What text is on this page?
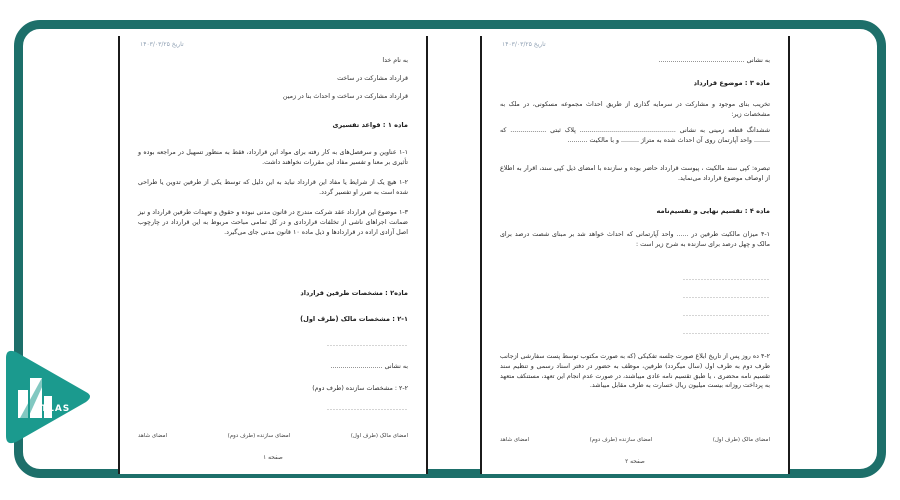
۱۴۰۳/۰۳/۲۵ تاریخ
به نام خدا
قرارداد مشارکت در ساخت
قرارداد مشارکت در ساخت و احداث بنا در زمین
ماده ۱ : قواعد تفسیری
۱-۱ عناوین و سرفصل‌های به کار رفته برای مواد این قرارداد، فقط به منظور تسهیل در مراجعه بوده و تأثیری بر معنا و تفسیر مفاد این مقررات نخواهند داشت.
۱-۲ هیچ یک از شرایط یا مفاد این قرارداد نباید به این دلیل که توسط یکی از طرفین تدوین یا طراحی شده است به ضرر او تفسیر گردد.
۱-۳ موضوع این قرارداد عقد شرکت مندرج در قانون مدنی نبوده و حقوق و تعهدات طرفین قرارداد و نیز ضمانت اجراهای ناشی از تخلفات قراردادی و در کل تمامی مباحث مربوط به این قرارداد در چارچوب اصل آزادی اراده در قراردادها و ذیل ماده ۱۰ قانون مدنی جای می‌گیرد.
ماده۲ : مشخصات طرفین قرارداد
۲-۱ : مشخصات مالک (طرف اول)
...........................
به نشانی ..........................
۲-۲ : مشخصات سازنده (طرف دوم)
...........................
امضای مالک (طرف اول)
امضای سازنده (طرف دوم)
امضای شاهد
صفحه ۱
۱۴۰۳/۰۳/۲۵ تاریخ
به نشانی ...........................................
ماده ۳ : موضوع قرارداد
تخریب بنای موجود و مشارکت در سرمایه گذاری از طریق احداث مجموعه مسکونی، در ملک به مشخصات زیر:
ششدانگ قطعه زمینی به نشانی ................................................ پلاک ثبتی .................. که ........ واحد آپارتمان روی آن احداث شده به متراژ ......... و با مالکیت ..........
تبصره: کپی سند مالکیت ، پیوست قرارداد حاضر بوده و سازنده با امضای ذیل کپی سند، اقرار به اطلاع از اوصاف موضوع قرارداد می‌نماید.
ماده ۴ : تقسیم نهایی و تقسیم‌نامه
۴-۱ میزان مالکیت طرفین در ...... واحد آپارتمانی که احداث خواهد شد بر مبنای شصت درصد برای مالک و چهل درصد برای سازنده به شرح زیر است :
.............................
.............................
.............................
.............................
۴-۲ ده روز پس از تاریخ ابلاغ صورت جلسه تفکیکی (که به صورت مکتوب توسط پست سفارشی ازجانب طرف دوم به طرف اول (سال میگردد) طرفین، موظف به حضور در دفتر اسناد رسمی و تنظیم سند تقسیم نامه محضری ، یا طبق تقسیم نامه عادی میباشند، در صورت عدم انجام این تعهد، مستنکف متعهد به پرداخت روزانه بیست میلیون ریال خسارت به طرف مقابل میباشد.
امضای مالک (طرف اول)
امضای سازنده (طرف دوم)
امضای شاهد
صفحه ۲
ATLAS
